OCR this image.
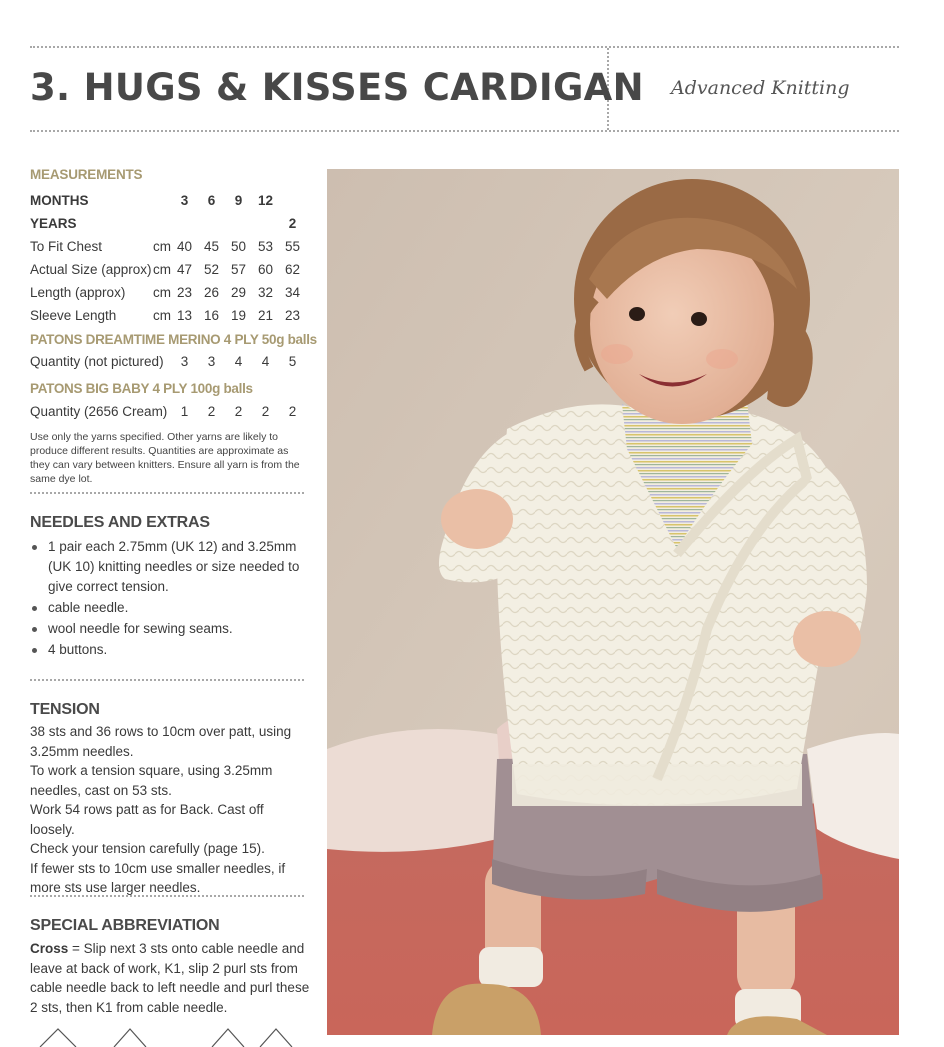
3. HUGS & KISSES CARDIGAN Advanced Knitting
MEASUREMENTS
MONTHS		3	6	9	12	
YEARS						2
To Fit Chest	cm	40	45	50	53	55
Actual Size (approx)	cm	47	52	57	60	62
Length (approx)	cm	23	26	29	32	34
Sleeve Length	cm	13	16	19	21	23
PATONS DREAMTIME MERINO 4 PLY 50g balls
Quantity (not pictured)	3	3	4	4	5
PATONS BIG BABY 4 PLY 100g balls
Quantity (2656 Cream)	1	2	2	2	2
Use only the yarns specified. Other yarns are likely to produce different results. Quantities are approximate as they can vary between knitters. Ensure all yarn is from the same dye lot.
NEEDLES AND EXTRAS
1 pair each 2.75mm (UK 12) and 3.25mm (UK 10) knitting needles or size needed to give correct tension.
cable needle.
wool needle for sewing seams.
4 buttons.
TENSION

38 sts and 36 rows to 10cm over patt, using 3.25mm needles.

To work a tension square, using 3.25mm needles, cast on 53 sts.

Work 54 rows patt as for Back. Cast off loosely.

Check your tension carefully (page 15).

If fewer sts to 10cm use smaller needles, if more sts use larger needles.

SPECIAL ABBREVIATION
Cross = Slip next 3 sts onto cable needle and leave at back of work, K1, slip 2 purl sts from cable needle back to left needle and purl these 2 sts, then K1 from cable needle.
